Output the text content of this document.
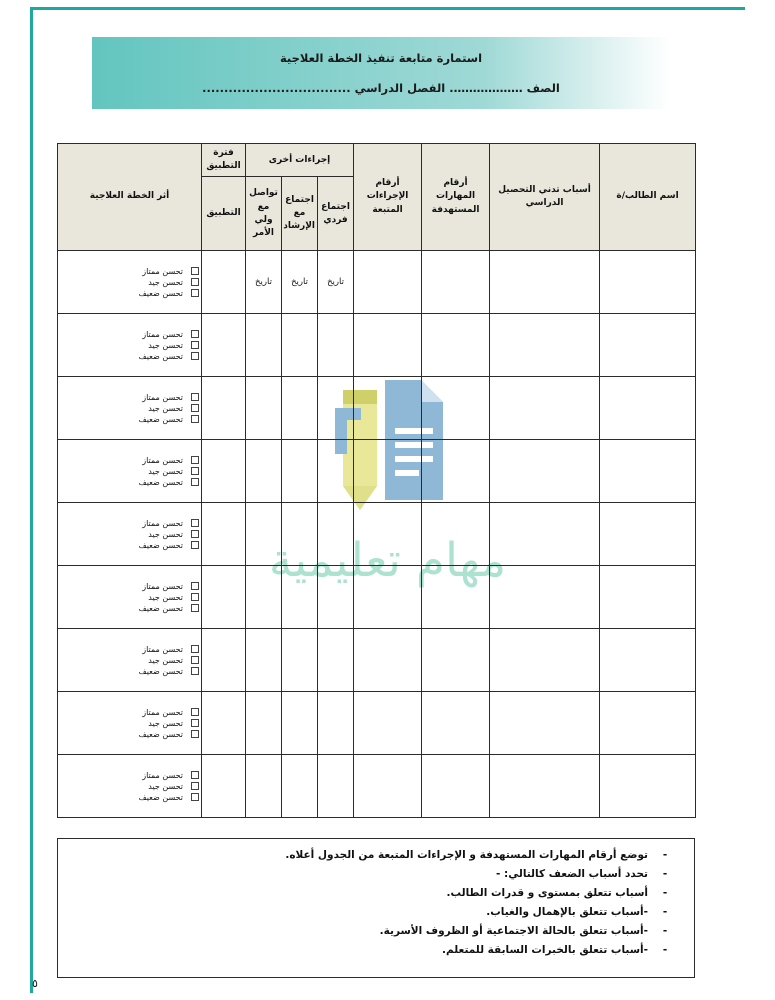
استمارة متابعة تنفيذ الخطة العلاجية
الصف ………………. الفصل الدراسي ..................................
مهام تعليمية
اسم الطالب/ة	أسباب تدني التحصيل الدراسي	أرقام المهارات المستهدفة	أرقام الإجراءات المتبعة	إجراءات أخرى			فترة التطبيق	أثر الخطة العلاجية
				اجتماع فردي	اجتماع مع الإرشاد	تواصل مع ولي الأمر	التطبيق	
				تاريخ	تاريخ	تاريخ		تحسن ممتاز
تحسن جيد
تحسن ضعيف

								تحسن ممتاز
تحسن جيد
تحسن ضعيف

								تحسن ممتاز
تحسن جيد
تحسن ضعيف

								تحسن ممتاز
تحسن جيد
تحسن ضعيف

								تحسن ممتاز
تحسن جيد
تحسن ضعيف

								تحسن ممتاز
تحسن جيد
تحسن ضعيف

								تحسن ممتاز
تحسن جيد
تحسن ضعيف

								تحسن ممتاز
تحسن جيد
تحسن ضعيف

								تحسن ممتاز
تحسن جيد
تحسن ضعيف
-
توضع أرقام المهارات المستهدفة و الإجراءات المتبعة من الجدول أعلاه.
-
تحدد أسباب الضعف كالتالي: -
-
أسباب تتعلق بمستوى و قدرات الطالب.
-
-أسباب تتعلق بالإهمال والغياب.
-
-أسباب تتعلق بالحالة الاجتماعية أو الظروف الأسرية.
-
-أسباب تتعلق بالخبرات السابقة للمتعلم.
٥
